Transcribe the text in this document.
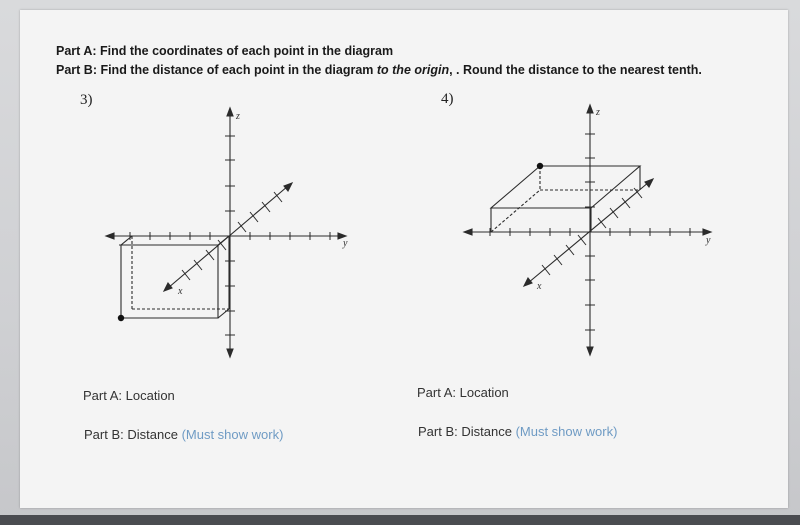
Part A: Find the coordinates of each point in the diagram
Part B: Find the distance of each point in the diagram to the origin, . Round the distance to the nearest tenth.
3)	4)
z
y
x
z
y
x
Part A: Location	Part A: Location
Part B: Distance (Must show work)	Part B: Distance (Must show work)
